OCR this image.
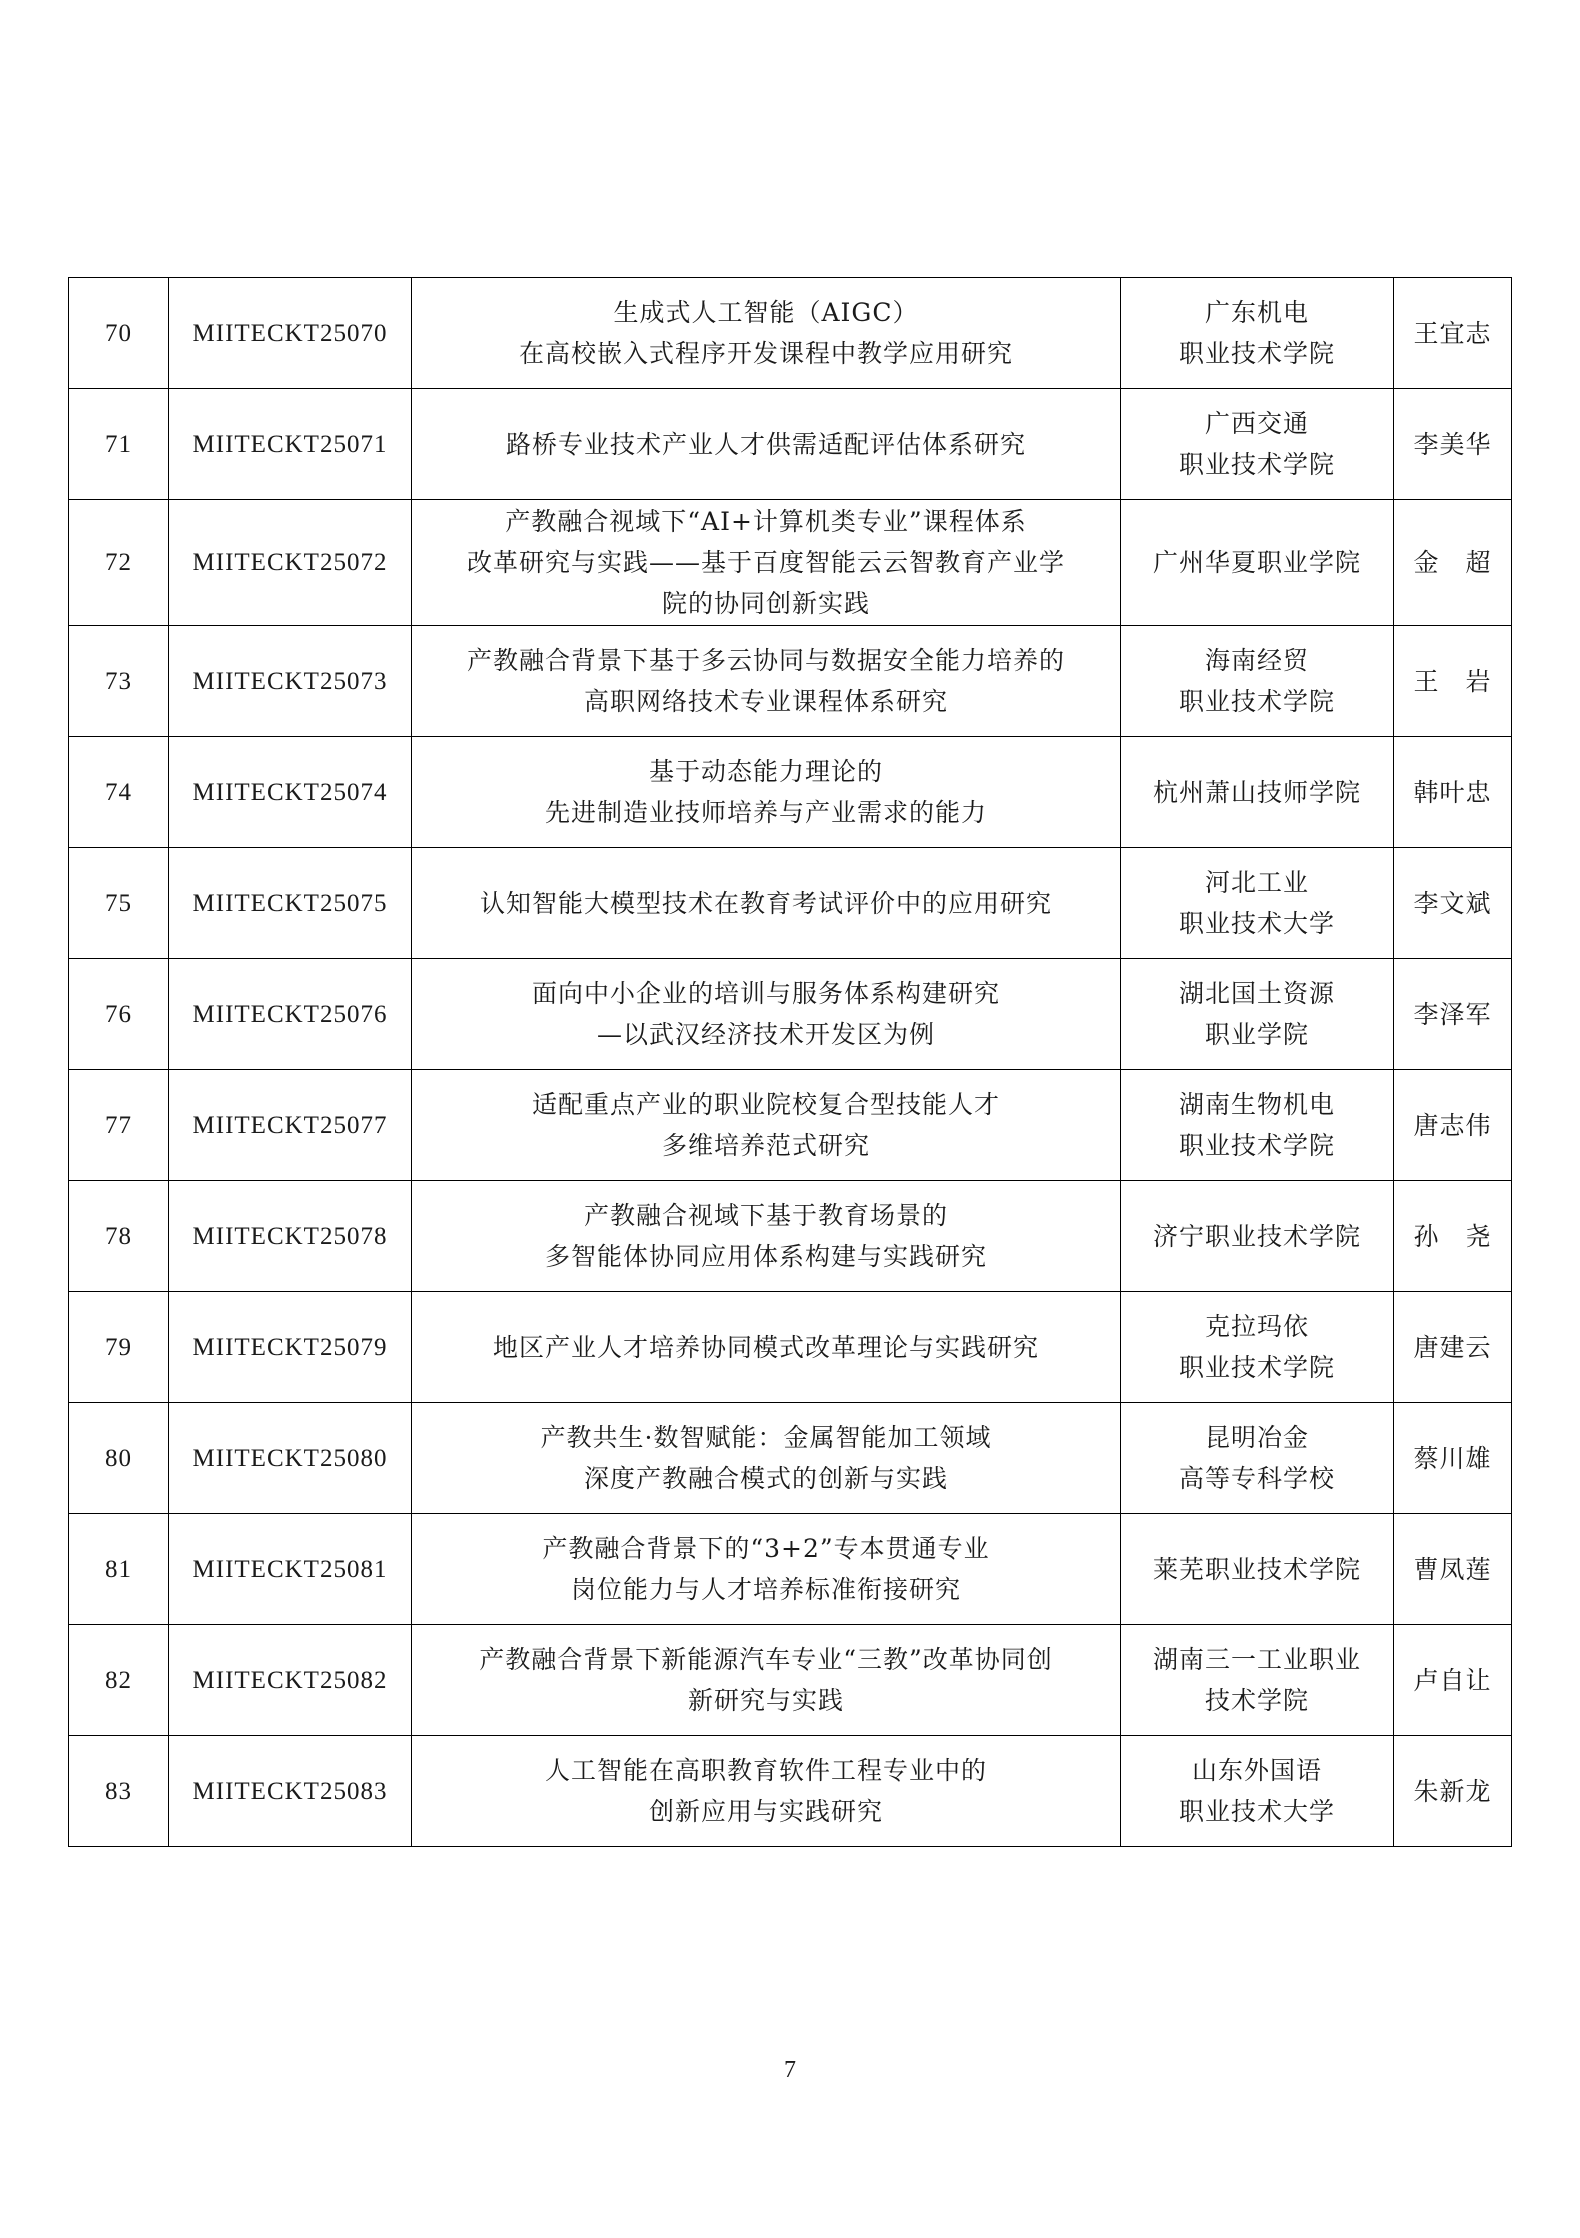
70	MIITECKT25070	生成式人工智能（AIGC）
在高校嵌入式程序开发课程中教学应用研究	广东机电
职业技术学院	王宜志
71	MIITECKT25071	路桥专业技术产业人才供需适配评估体系研究	广西交通
职业技术学院	李美华
72	MIITECKT25072	产教融合视域下“AI+计算机类专业”课程体系
改革研究与实践——基于百度智能云云智教育产业学
院的协同创新实践	广州华夏职业学院	金　超
73	MIITECKT25073	产教融合背景下基于多云协同与数据安全能力培养的
高职网络技术专业课程体系研究	海南经贸
职业技术学院	王　岩
74	MIITECKT25074	基于动态能力理论的
先进制造业技师培养与产业需求的能力	杭州萧山技师学院	韩叶忠
75	MIITECKT25075	认知智能大模型技术在教育考试评价中的应用研究	河北工业
职业技术大学	李文斌
76	MIITECKT25076	面向中小企业的培训与服务体系构建研究
—以武汉经济技术开发区为例	湖北国土资源
职业学院	李泽军
77	MIITECKT25077	适配重点产业的职业院校复合型技能人才
多维培养范式研究	湖南生物机电
职业技术学院	唐志伟
78	MIITECKT25078	产教融合视域下基于教育场景的
多智能体协同应用体系构建与实践研究	济宁职业技术学院	孙　尧
79	MIITECKT25079	地区产业人才培养协同模式改革理论与实践研究	克拉玛依
职业技术学院	唐建云
80	MIITECKT25080	产教共生·数智赋能：金属智能加工领域
深度产教融合模式的创新与实践	昆明冶金
高等专科学校	蔡川雄
81	MIITECKT25081	产教融合背景下的“3+2”专本贯通专业
岗位能力与人才培养标准衔接研究	莱芜职业技术学院	曹凤莲
82	MIITECKT25082	产教融合背景下新能源汽车专业“三教”改革协同创
新研究与实践	湖南三一工业职业
技术学院	卢自让
83	MIITECKT25083	人工智能在高职教育软件工程专业中的
创新应用与实践研究	山东外国语
职业技术大学	朱新龙
7
